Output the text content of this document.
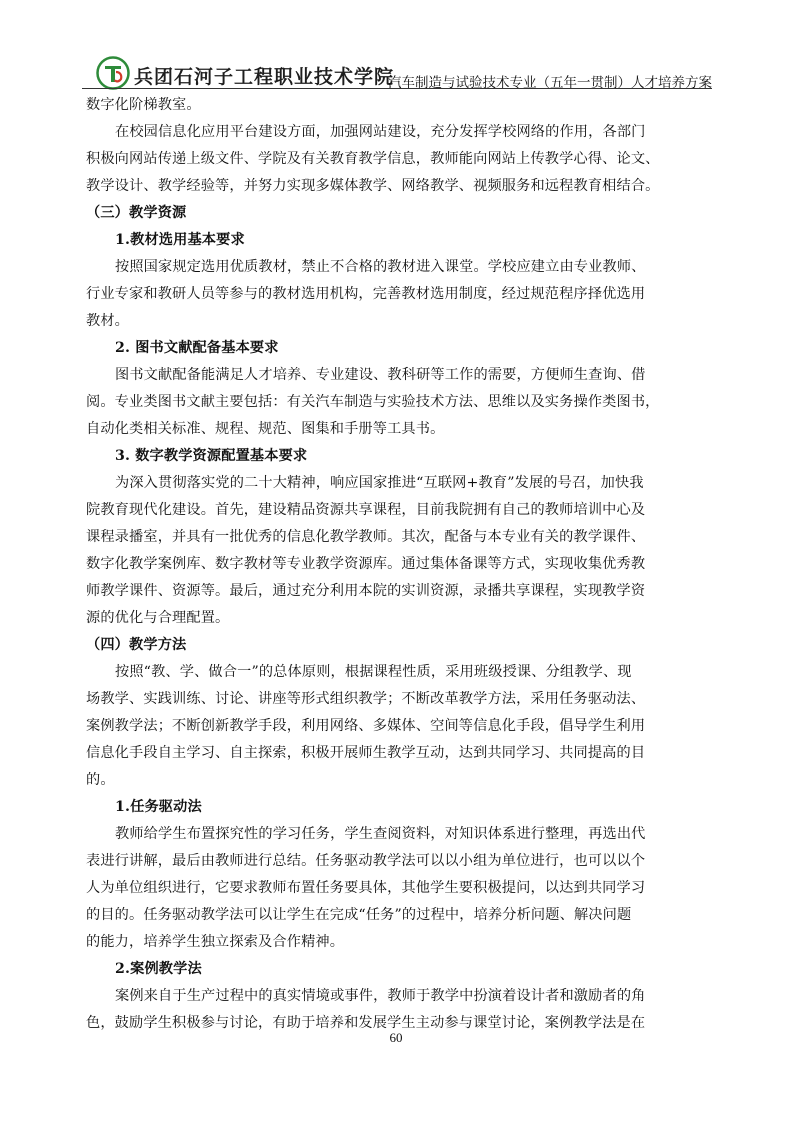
兵团石河子工程职业技术学院
汽车制造与试验技术专业（五年一贯制）人才培养方案
数字化阶梯教室。
在校园信息化应用平台建设方面，加强网站建设，充分发挥学校网络的作用，各部门
积极向网站传递上级文件、学院及有关教育教学信息，教师能向网站上传教学心得、论文、
教学设计、教学经验等，并努力实现多媒体教学、网络教学、视频服务和远程教育相结合。
（三）教学资源
1.教材选用基本要求
按照国家规定选用优质教材，禁止不合格的教材进入课堂。学校应建立由专业教师、
行业专家和教研人员等参与的教材选用机构，完善教材选用制度，经过规范程序择优选用
教材。
2. 图书文献配备基本要求
图书文献配备能满足人才培养、专业建设、教科研等工作的需要，方便师生查询、借
阅。专业类图书文献主要包括：有关汽车制造与实验技术方法、思维以及实务操作类图书，
自动化类相关标准、规程、规范、图集和手册等工具书。
3. 数字教学资源配置基本要求
为深入贯彻落实党的二十大精神，响应国家推进“互联网+教育”发展的号召，加快我
院教育现代化建设。首先，建设精品资源共享课程，目前我院拥有自己的教师培训中心及
课程录播室，并具有一批优秀的信息化教学教师。其次，配备与本专业有关的教学课件、
数字化教学案例库、数字教材等专业教学资源库。通过集体备课等方式，实现收集优秀教
师教学课件、资源等。最后，通过充分利用本院的实训资源，录播共享课程，实现教学资
源的优化与合理配置。
（四）教学方法
按照“教、学、做合一”的总体原则，根据课程性质，采用班级授课、分组教学、现
场教学、实践训练、讨论、讲座等形式组织教学；不断改革教学方法，采用任务驱动法、
案例教学法；不断创新教学手段，利用网络、多媒体、空间等信息化手段，倡导学生利用
信息化手段自主学习、自主探索，积极开展师生教学互动，达到共同学习、共同提高的目
的。
1.任务驱动法
教师给学生布置探究性的学习任务，学生查阅资料，对知识体系进行整理，再选出代
表进行讲解，最后由教师进行总结。任务驱动教学法可以以小组为单位进行，也可以以个
人为单位组织进行，它要求教师布置任务要具体，其他学生要积极提问，以达到共同学习
的目的。任务驱动教学法可以让学生在完成“任务”的过程中，培养分析问题、解决问题
的能力，培养学生独立探索及合作精神。
2.案例教学法
案例来自于生产过程中的真实情境或事件，教师于教学中扮演着设计者和激励者的角
色，鼓励学生积极参与讨论，有助于培养和发展学生主动参与课堂讨论，案例教学法是在
60
